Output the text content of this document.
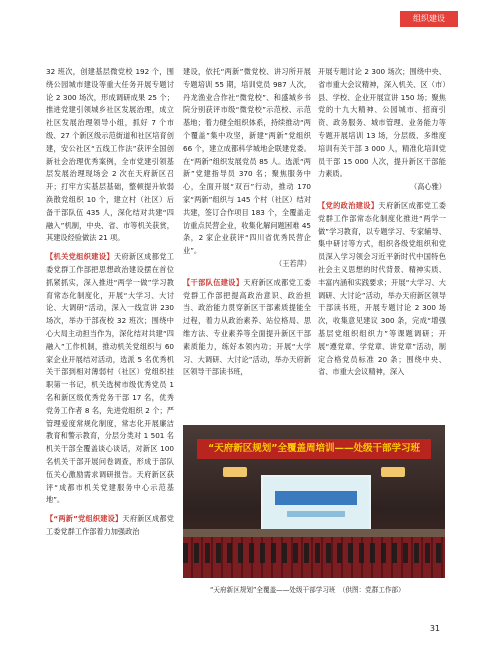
组织建设

32 班次，创建基层微党校 192 个，围绕公园城市建设等重大任务开展专题讨论 2 300 场次，形成调研成果 25 个；推进党建引领城乡社区发展治理，成立社区发展治理领导小组，抓好 7 个市级、27 个新区级示范街道和社区培育创建，安公社区“五线工作法”获评全国创新社会治理优秀案例，全市党建引领基层发展治理现场会 2 次在天府新区召开；打牢方实基层基础，整顿提升软弱涣散党组织 10 个，建立村（社区）后备干部队伍 435 人，深化结对共建“四融入”机制，中央、省、市等机关获赏，其建设经验做法 21 项。

【机关党组织建设】天府新区成都党工委党群工作部把思想政治建设摆在首位抓紧抓实，深入推进“两学一做”学习教育常态化制度化，开展“大学习、大讨论、大调研”活动，深入一线宣讲 230 场次，举办干部夜校 32 班次；围绕中心大局主动担当作为，深化结对共建“四融入”工作机制，推动机关党组织与 60 家企业开展结对活动，选派 5 名优秀机关干部到相对薄弱村（社区）党组织挂职第一书记，机关选树市级优秀党员 1 名和新区级优秀党务干部 17 名，优秀党务工作者 8 名，先进党组织 2 个；严管理爱度常规化制度，常志化开展廉洁教育和警示教育，分层分类对 1 501 名机关干部全覆盖谈心谈话，对新区 100 名机关干部开展问卷调查，形成于部队伍关心激励需求调研报告。天府新区获评“成都市机关党建服务中心示范基地”。

【“两新”党组织建设】天府新区成都党工委党群工作部着力加强政治

建设，依托“两新”微党校、讲习所开展专题培训 55 期，培训党员 987 人次，丹龙渔业合作社“微党校”、和盛城乡书院分别获评市级“微党校”示范校、示范基地；着力健全组织体系，持续推动“两个覆盖”集中攻坚，新建“两新”党组织 66 个，建立成都科学城地企联建党委。在“两新”组织发展党员 85 人。选派“两新”党建指导员 370 名；聚焦服务中心，全面开展“双百”行动，推动 170 家“两新”组织与 145 个村（社区）结对共建，签订合作项目 183 个，全覆盖走访重点民营企业，收集化解问题困难 45 条，2 家企业获评“四川省优秀民营企业”。

（王若萍）

【干部队伍建设】天府新区成都党工委党群工作部把提高政治意识、政治担当、政治能力贯穿新区干部素质提能全过程，着力从政治素养、站位格局、思维方法、专业素养等全面提升新区干部素质能力，练好本领内功；开展“大学习、大调研、大讨论”活动，举办天府新区领导干部读书班，

开展专题讨论 2 300 场次；围绕中央、省市重大会议精神，深入机关、区（市）县、学校、企业开展宣讲 150 场；聚焦党的十九大精神、公园城市、招商引资、政务服务、城市管理、业务能力等专题开展培训 13 场，分层级、多维度培训有关干部 3 000 人，精准化培训党员干部 15 000 人次，提升新区干部能力素质。

（高心雅）

【党的政治建设】天府新区成都党工委党群工作部常态化制度化推进“两学一做”学习教育，以专题学习、专家辅导、集中研讨等方式，组织各级党组织和党员深入学习领会习近平新时代中国特色社会主义思想的时代背景、精神实质、丰富内涵和实践要求；开展“大学习、大调研、大讨论”活动，举办天府新区领导干部读书班，开展专题讨论 2 300 场次，收集意见建议 300 条，完成“增强基层党组织组织力”等课题调研；开展“遵党章、学党章、讲党章”活动，制定合格党员标准 20 条；围绕中央、省、市重大会议精神，深入

“天府新区规划”全覆盖周培训——处级干部学习班
“天府新区规划”全覆盖——处级干部学习班　（供图：党群工作部）
31
